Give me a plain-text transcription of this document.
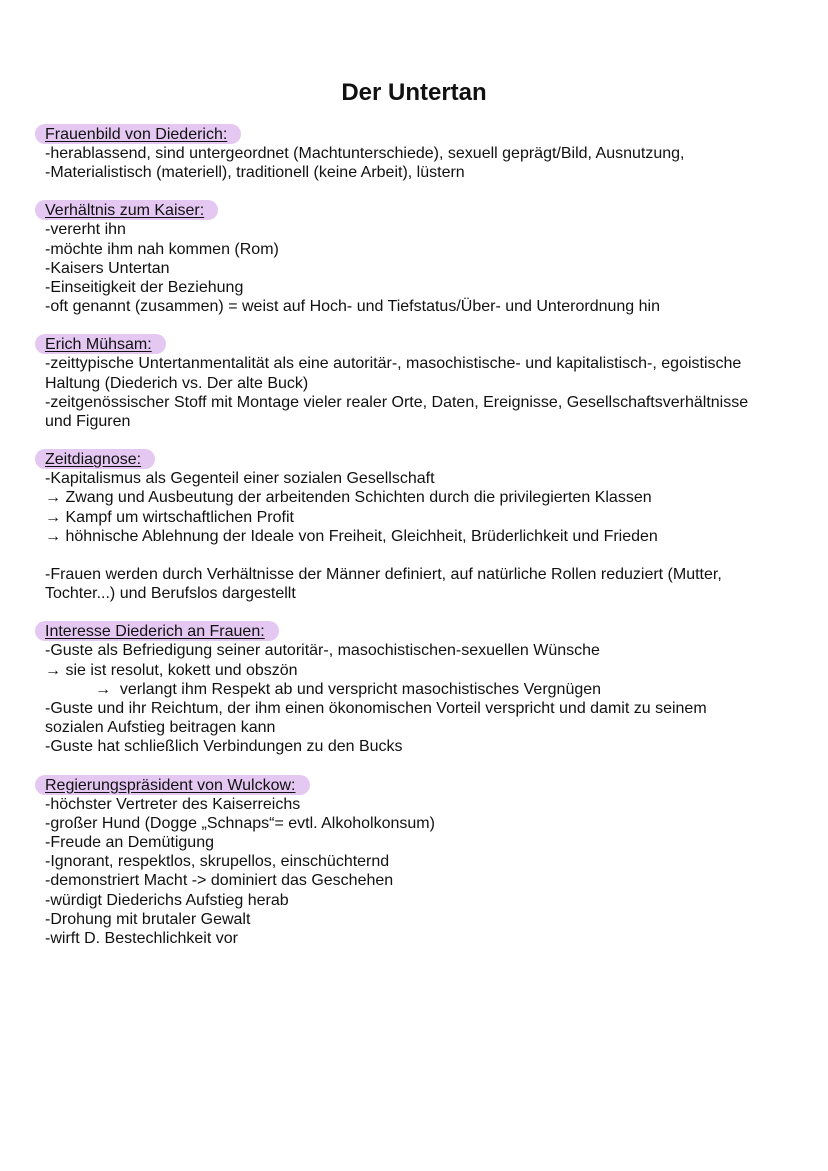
Der Untertan
Frauenbild von Diederich:
-herablassend, sind untergeordnet (Machtunterschiede), sexuell geprägt/Bild, Ausnutzung,
-Materialistisch (materiell), traditionell (keine Arbeit), lüstern
Verhältnis zum Kaiser:
-vererht ihn
-möchte ihm nah kommen (Rom)
-Kaisers Untertan
-Einseitigkeit der Beziehung
-oft genannt (zusammen) = weist auf Hoch- und Tiefstatus/Über- und Unterordnung hin
Erich Mühsam:
-zeittypische Untertanmentalität als eine autoritär-, masochistische- und kapitalistisch-, egoistische
Haltung (Diederich vs. Der alte Buck)
-zeitgenössischer Stoff mit Montage vieler realer Orte, Daten, Ereignisse, Gesellschaftsverhältnisse
und Figuren
Zeitdiagnose:
-Kapitalismus als Gegenteil einer sozialen Gesellschaft
→ Zwang und Ausbeutung der arbeitenden Schichten durch die privilegierten Klassen
→ Kampf um wirtschaftlichen Profit
→ höhnische Ablehnung der Ideale von Freiheit, Gleichheit, Brüderlichkeit und Frieden
-Frauen werden durch Verhältnisse der Männer definiert, auf natürliche Rollen reduziert (Mutter,
Tochter...) und Berufslos dargestellt
Interesse Diederich an Frauen:
-Guste als Befriedigung seiner autoritär-, masochistischen-sexuellen Wünsche
→ sie ist resolut, kokett und obszön
→  verlangt ihm Respekt ab und verspricht masochistisches Vergnügen
-Guste und ihr Reichtum, der ihm einen ökonomischen Vorteil verspricht und damit zu seinem
sozialen Aufstieg beitragen kann
-Guste hat schließlich Verbindungen zu den Bucks
Regierungspräsident von Wulckow:
-höchster Vertreter des Kaiserreichs
-großer Hund (Dogge „Schnaps“= evtl. Alkoholkonsum)
-Freude an Demütigung
-Ignorant, respektlos, skrupellos, einschüchternd
-demonstriert Macht -> dominiert das Geschehen
-würdigt Diederichs Aufstieg herab
-Drohung mit brutaler Gewalt
-wirft D. Bestechlichkeit vor
